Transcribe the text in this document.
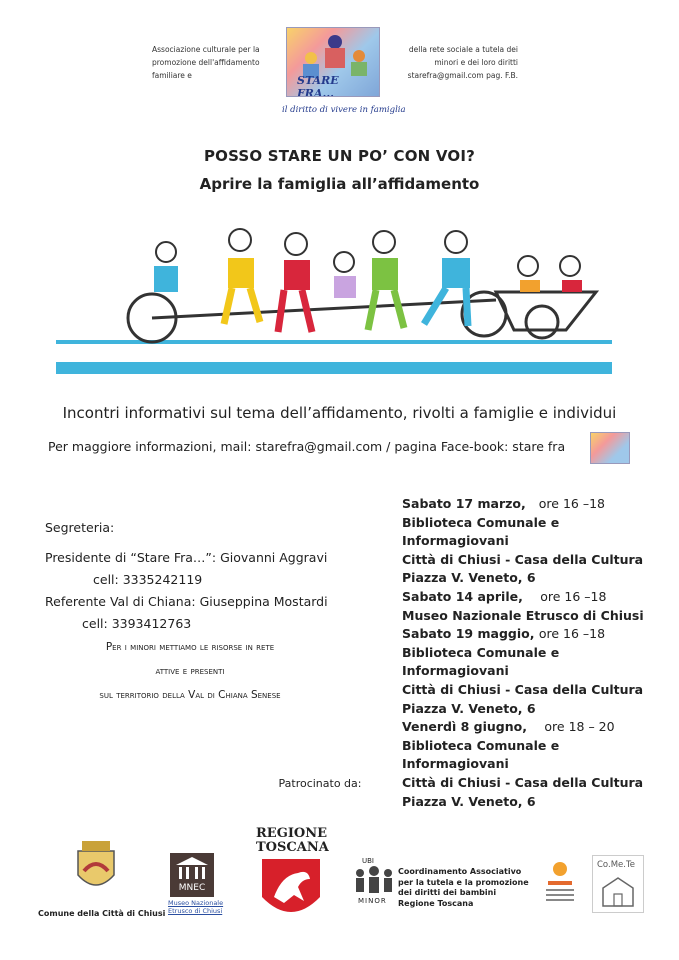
Associazione culturale per la promozione dell'affidamento familiare e	STARE FRA...
il diritto di vivere in famiglia
della rete sociale a tutela dei minori e dei loro diritti starefra@gmail.com pag. F.B.
POSSO STARE UN PO’ CON VOI?
Aprire la famiglia all’affidamento
Incontri informativi sul tema dell’affidamento, rivolti a famiglie e individui
Per maggiore informazioni, mail: starefra@gmail.com / pagina Face-book: stare fra
Segreteria:
Presidente di “Stare Fra…”: Giovanni Aggravi
cell: 3335242119
Referente Val di Chiana: Giuseppina Mostardi
cell: 3393412763
Per i minori mettiamo le risorse in rete
attive e presenti
sul territorio della Val di Chiana Senese
Sabato 17 marzo, ore 16 –18
Biblioteca Comunale e Informagiovani
Città di Chiusi - Casa della Cultura
Piazza V. Veneto, 6
Sabato 14 aprile, ore 16 –18
Museo Nazionale Etrusco di Chiusi
Sabato 19 maggio, ore 16 –18
Biblioteca Comunale e Informagiovani
Città di Chiusi - Casa della Cultura
Piazza V. Veneto, 6
Venerdì 8 giugno, ore 18 – 20
Biblioteca Comunale e Informagiovani
Città di Chiusi - Casa della Cultura
Piazza V. Veneto, 6
Patrocinato da:
Comune della Città di Chiusi
MNEC
Museo Nazionale
Etrusco di Chiusi
REGIONE
TOSCANA
UBI
MINOR
Coordinamento Associativo
per la tutela e la promozione
dei diritti dei bambini
Regione Toscana
Co.Me.Te
